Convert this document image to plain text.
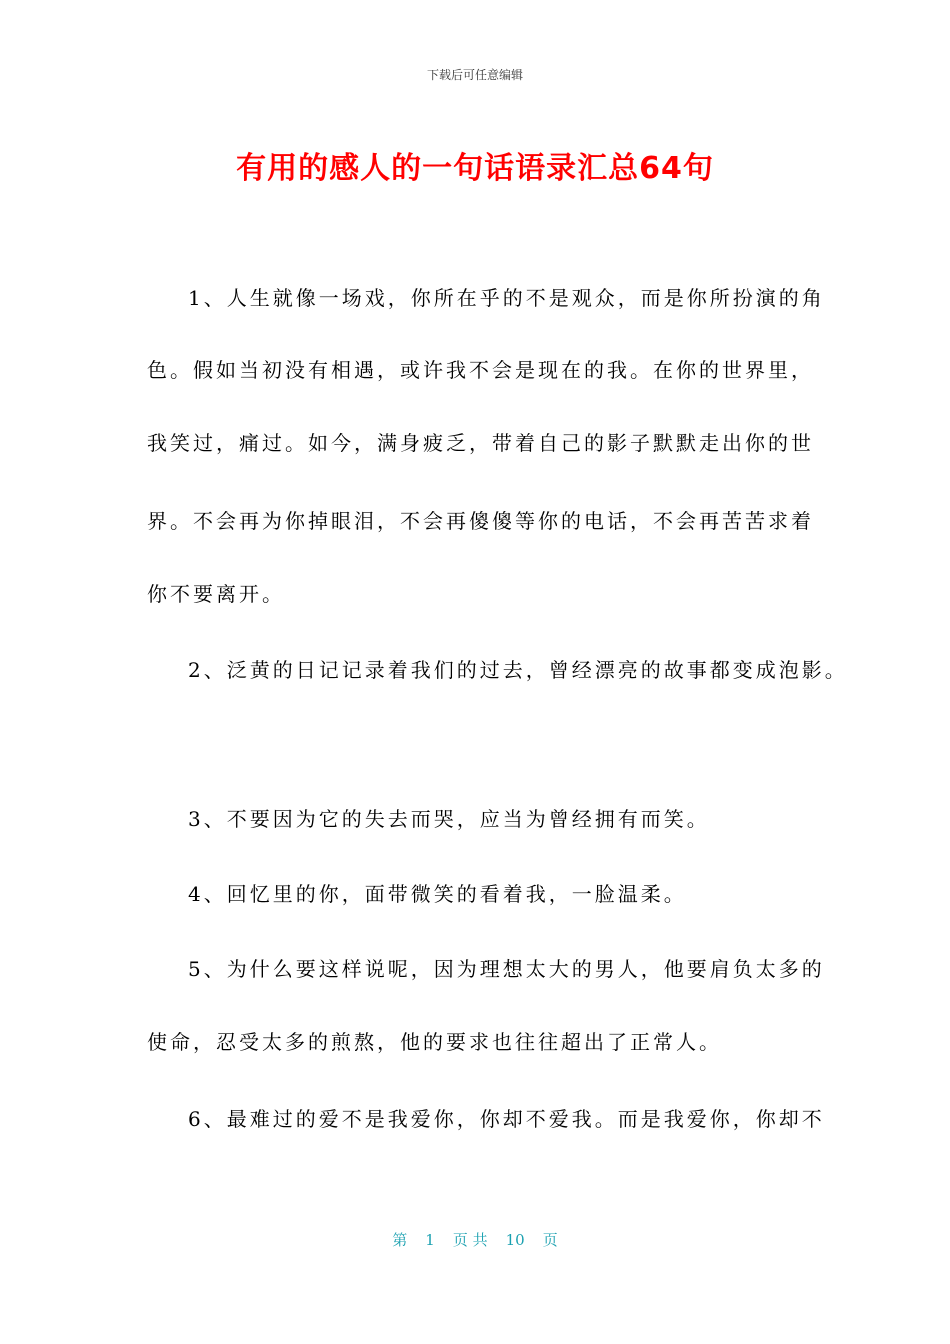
下载后可任意编辑
有用的感人的一句话语录汇总64句
1、人生就像一场戏，你所在乎的不是观众，而是你所扮演的角
色。假如当初没有相遇，或许我不会是现在的我。在你的世界里，
我笑过，痛过。如今，满身疲乏，带着自己的影子默默走出你的世
界。不会再为你掉眼泪，不会再傻傻等你的电话，不会再苦苦求着
你不要离开。
2、泛黄的日记记录着我们的过去，曾经漂亮的故事都变成泡影。
3、不要因为它的失去而哭，应当为曾经拥有而笑。
4、回忆里的你，面带微笑的看着我，一脸温柔。
5、为什么要这样说呢，因为理想太大的男人，他要肩负太多的
使命，忍受太多的煎熬，他的要求也往往超出了正常人。
6、最难过的爱不是我爱你，你却不爱我。而是我爱你，你却不
第 1 页 共 10 页
